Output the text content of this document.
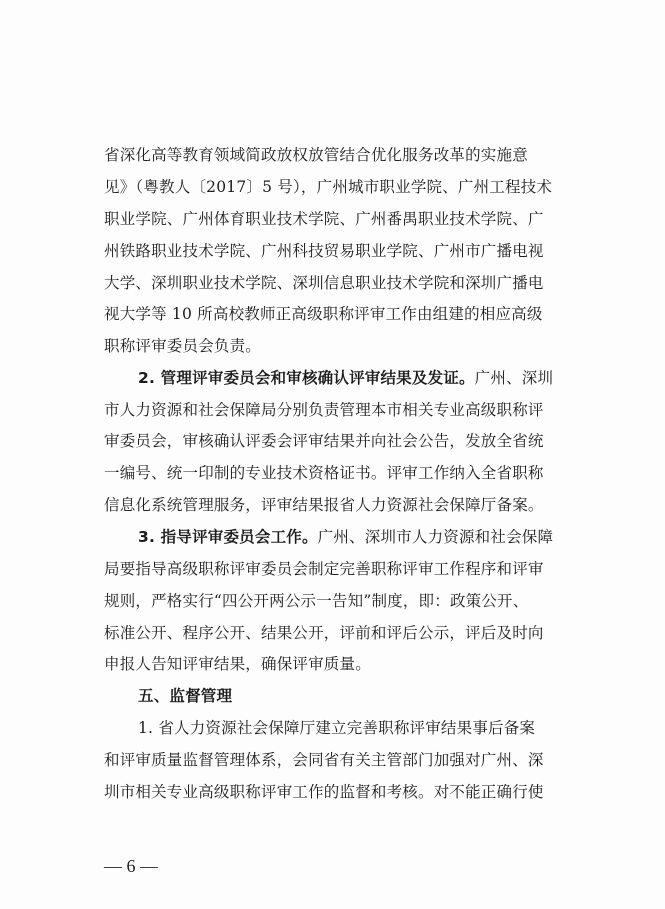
省深化高等教育领域简政放权放管结合优化服务改革的实施意
见》（粤教人〔2017〕5 号），广州城市职业学院、广州工程技术
职业学院、广州体育职业技术学院、广州番禺职业技术学院、广
州铁路职业技术学院、广州科技贸易职业学院、广州市广播电视
大学、深圳职业技术学院、深圳信息职业技术学院和深圳广播电
视大学等 10 所高校教师正高级职称评审工作由组建的相应高级
职称评审委员会负责。
2. 管理评审委员会和审核确认评审结果及发证。广州、深圳
市人力资源和社会保障局分别负责管理本市相关专业高级职称评
审委员会，审核确认评委会评审结果并向社会公告，发放全省统
一编号、统一印制的专业技术资格证书。评审工作纳入全省职称
信息化系统管理服务，评审结果报省人力资源社会保障厅备案。
3. 指导评审委员会工作。广州、深圳市人力资源和社会保障
局要指导高级职称评审委员会制定完善职称评审工作程序和评审
规则，严格实行“四公开两公示一告知”制度，即：政策公开、
标准公开、程序公开、结果公开，评前和评后公示，评后及时向
申报人告知评审结果，确保评审质量。
五、监督管理
1. 省人力资源社会保障厅建立完善职称评审结果事后备案
和评审质量监督管理体系，会同省有关主管部门加强对广州、深
圳市相关专业高级职称评审工作的监督和考核。对不能正确行使
— 6 —
